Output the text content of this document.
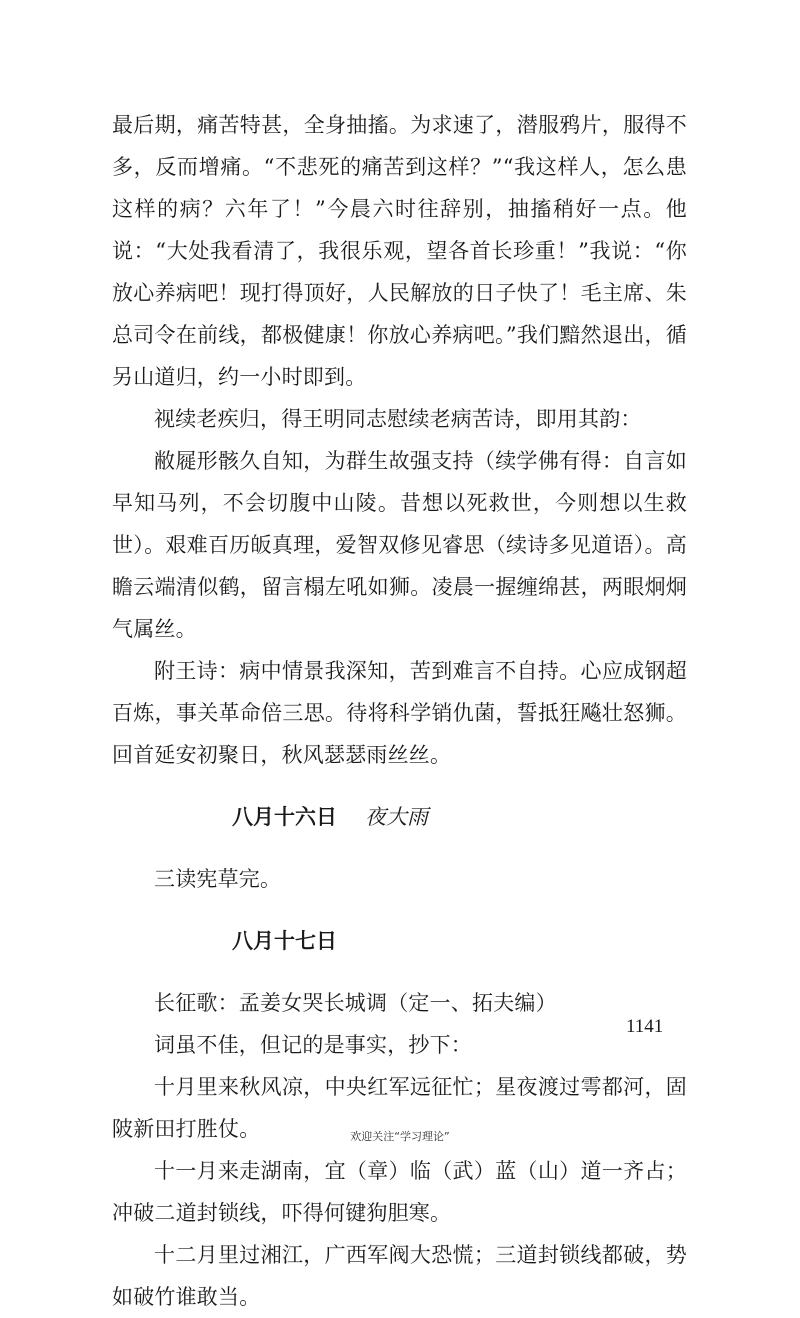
最后期，痛苦特甚，全身抽搐。为求速了，潜服鸦片，服得不多，反而增痛。“不悲死的痛苦到这样？”“我这样人，怎么患这样的病？六年了！”今晨六时往辞别，抽搐稍好一点。他说：“大处我看清了，我很乐观，望各首长珍重！”我说：“你放心养病吧！现打得顶好，人民解放的日子快了！毛主席、朱总司令在前线，都极健康！你放心养病吧。”我们黯然退出，循另山道归，约一小时即到。

视续老疾归，得王明同志慰续老病苦诗，即用其韵：

敝屣形骸久自知，为群生故强支持（续学佛有得：自言如早知马列，不会切腹中山陵。昔想以死救世，今则想以生救世）。艰难百历皈真理，爱智双修见睿思（续诗多见道语）。高瞻云端清似鹤，留言榻左吼如狮。凌晨一握缠绵甚，两眼炯炯气属丝。

附王诗：病中情景我深知，苦到难言不自持。心应成钢超百炼，事关革命倍三思。待将科学销仇菌，誓抵狂飚壮怒狮。回首延安初聚日，秋风瑟瑟雨丝丝。

八月十六日 夜大雨

三读宪草完。

八月十七日

长征歌：孟姜女哭长城调（定一、拓夫编）

词虽不佳，但记的是事实，抄下：

十月里来秋风凉，中央红军远征忙；星夜渡过雩都河，固陂新田打胜仗。

十一月来走湖南，宜（章）临（武）蓝（山）道一齐占；冲破二道封锁线，吓得何键狗胆寒。

十二月里过湘江，广西军阀大恐慌；三道封锁线都破，势如破竹谁敢当。

1141
欢迎关注“学习理论”
